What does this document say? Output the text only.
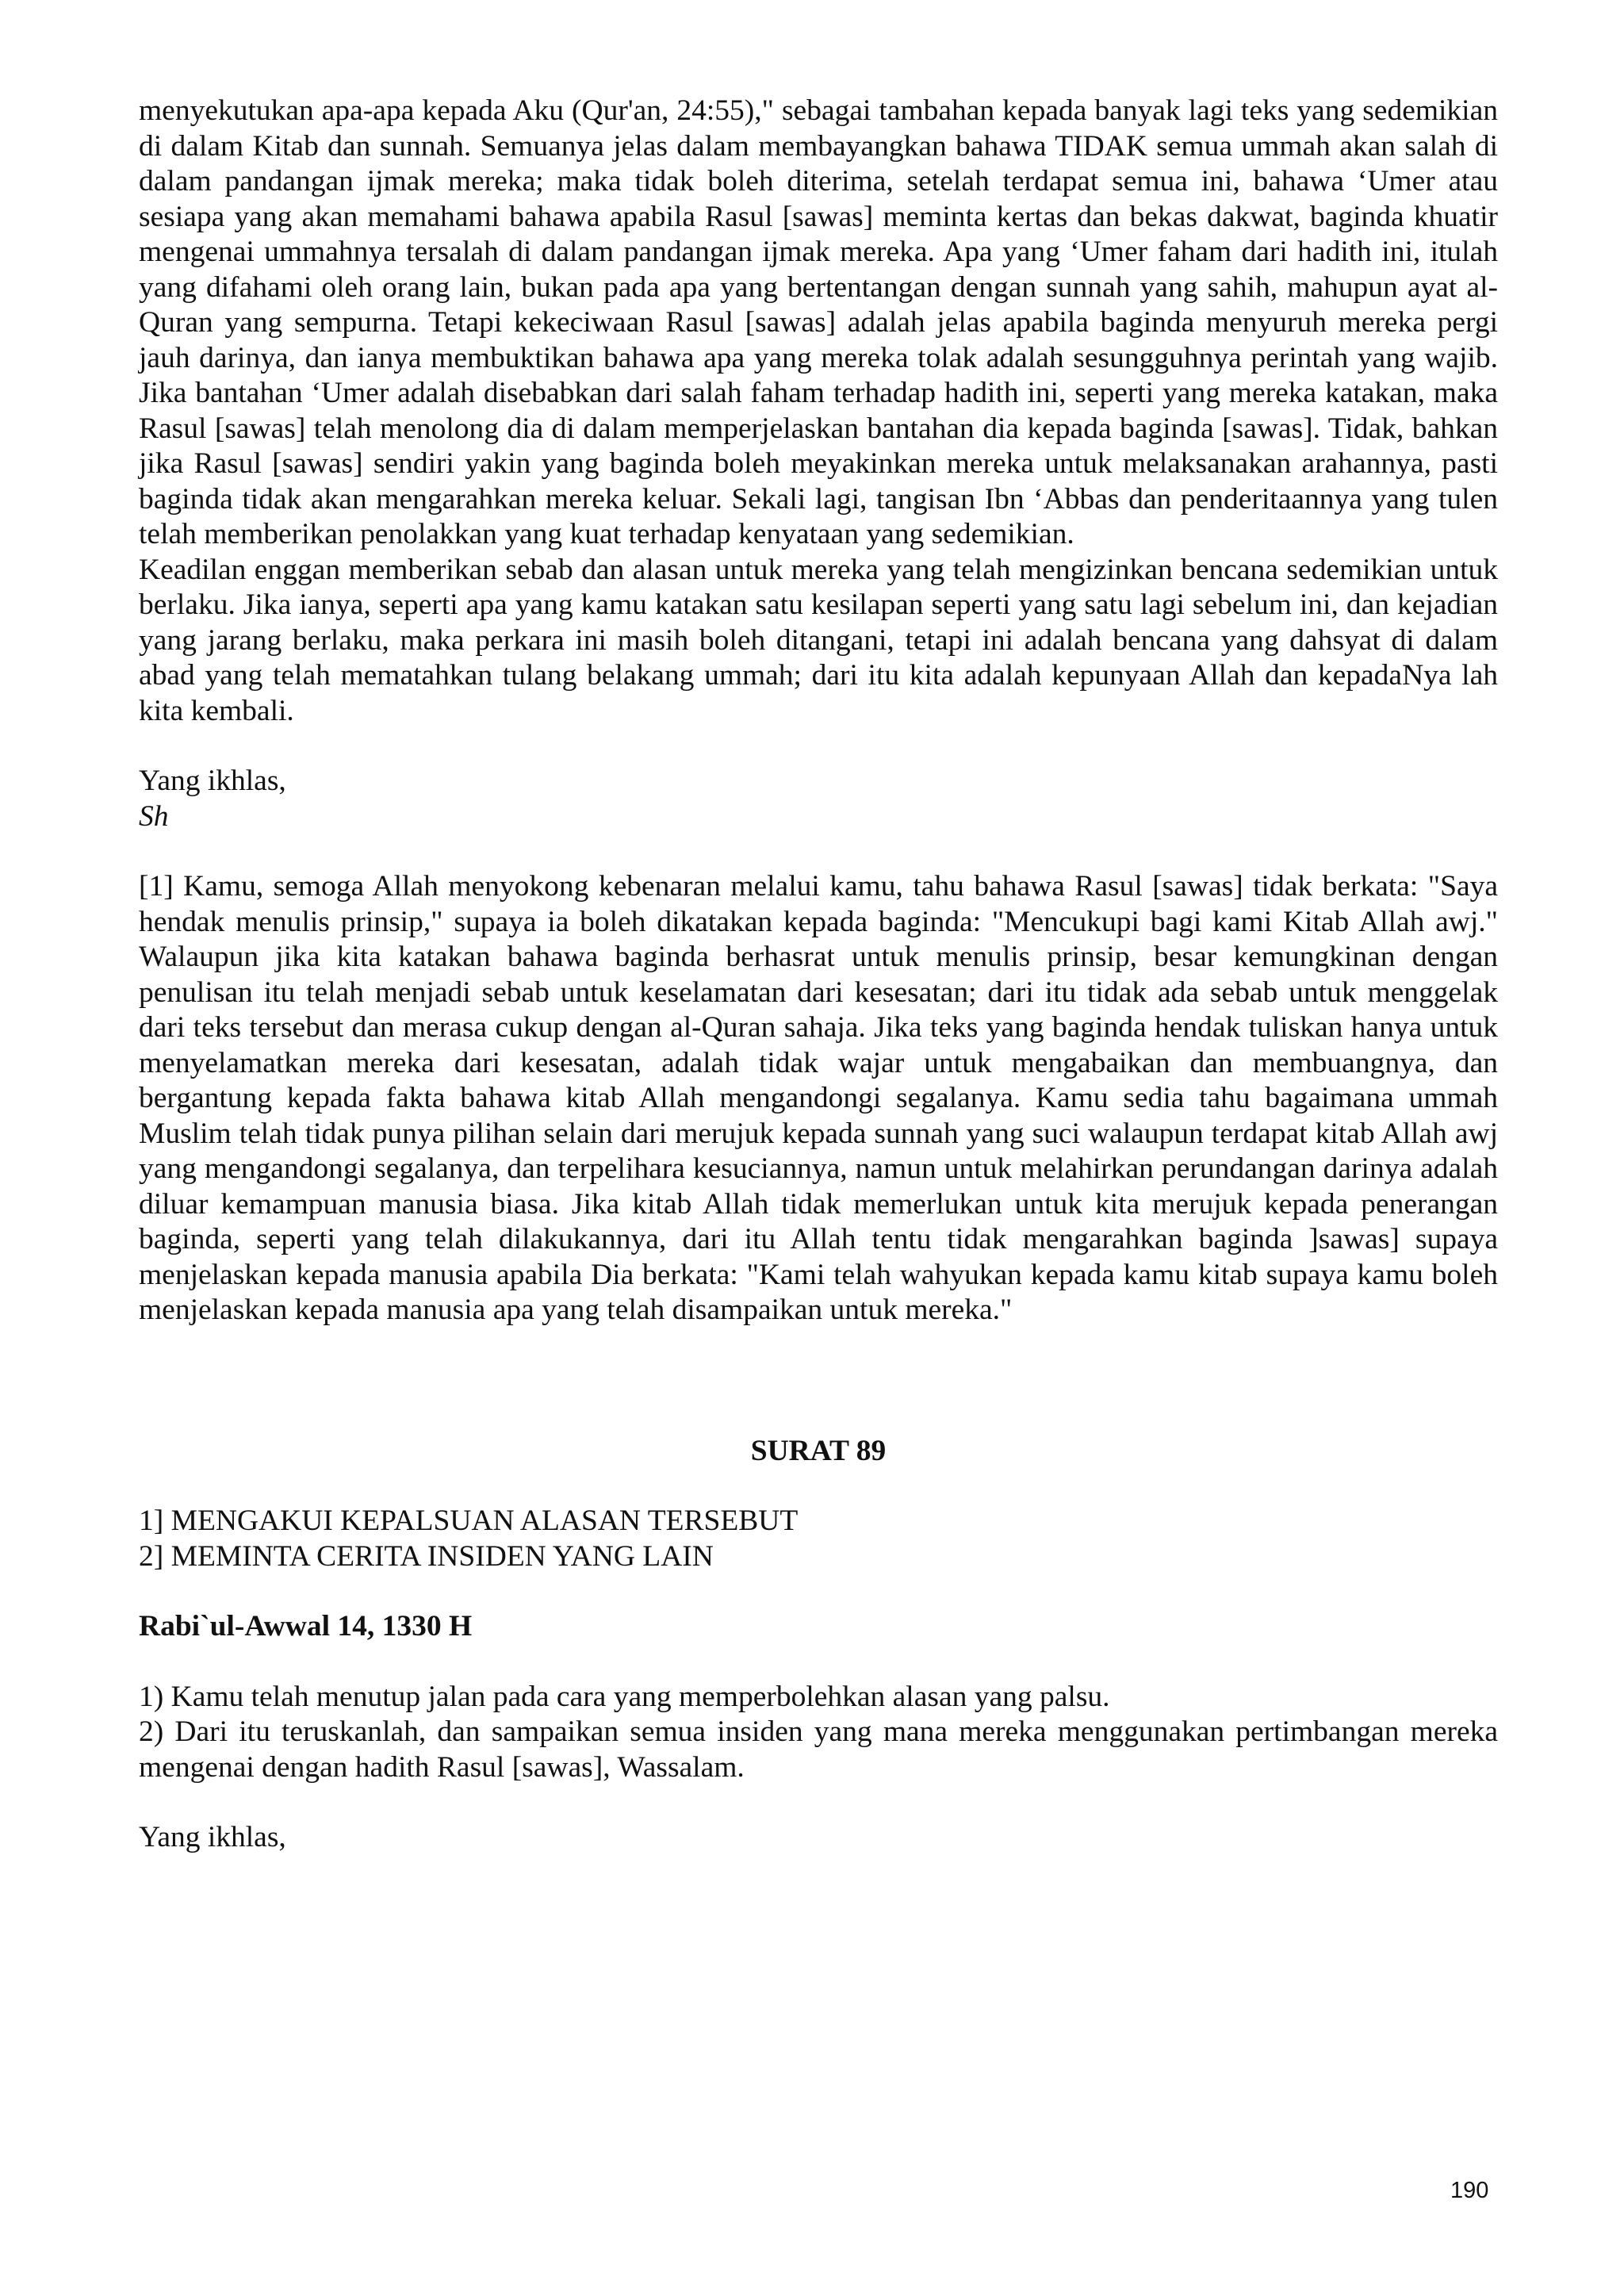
menyekutukan apa-apa kepada Aku (Qur'an, 24:55)," sebagai tambahan kepada banyak lagi teks yang sedemikian di dalam Kitab dan sunnah. Semuanya jelas dalam membayangkan bahawa TIDAK semua ummah akan salah di dalam pandangan ijmak mereka; maka tidak boleh diterima, setelah terdapat semua ini, bahawa ‘Umer atau sesiapa yang akan memahami bahawa apabila Rasul [sawas] meminta kertas dan bekas dakwat, baginda khuatir mengenai ummahnya tersalah di dalam pandangan ijmak mereka. Apa yang ‘Umer faham dari hadith ini, itulah yang difahami oleh orang lain, bukan pada apa yang bertentangan dengan sunnah yang sahih, mahupun ayat al-Quran yang sempurna. Tetapi kekeciwaan Rasul [sawas] adalah jelas apabila baginda menyuruh mereka pergi jauh darinya, dan ianya membuktikan bahawa apa yang mereka tolak adalah sesungguhnya perintah yang wajib. Jika bantahan ‘Umer adalah disebabkan dari salah faham terhadap hadith ini, seperti yang mereka katakan, maka Rasul [sawas] telah menolong dia di dalam memperjelaskan bantahan dia kepada baginda [sawas]. Tidak, bahkan jika Rasul [sawas] sendiri yakin yang baginda boleh meyakinkan mereka untuk melaksanakan arahannya, pasti baginda tidak akan mengarahkan mereka keluar. Sekali lagi, tangisan Ibn ‘Abbas dan penderitaannya yang tulen telah memberikan penolakkan yang kuat terhadap kenyataan yang sedemikian.

Keadilan enggan memberikan sebab dan alasan untuk mereka yang telah mengizinkan bencana sedemikian untuk berlaku. Jika ianya, seperti apa yang kamu katakan satu kesilapan seperti yang satu lagi sebelum ini, dan kejadian yang jarang berlaku, maka perkara ini masih boleh ditangani, tetapi ini adalah bencana yang dahsyat di dalam abad yang telah mematahkan tulang belakang ummah; dari itu kita adalah kepunyaan Allah dan kepadaNya lah kita kembali.

Yang ikhlas,

Sh

[1] Kamu, semoga Allah menyokong kebenaran melalui kamu, tahu bahawa Rasul [sawas] tidak berkata: "Saya hendak menulis prinsip," supaya ia boleh dikatakan kepada baginda: "Mencukupi bagi kami Kitab Allah awj." Walaupun jika kita katakan bahawa baginda berhasrat untuk menulis prinsip, besar kemungkinan dengan penulisan itu telah menjadi sebab untuk keselamatan dari kesesatan; dari itu tidak ada sebab untuk menggelak dari teks tersebut dan merasa cukup dengan al-Quran sahaja. Jika teks yang baginda hendak tuliskan hanya untuk menyelamatkan mereka dari kesesatan, adalah tidak wajar untuk mengabaikan dan membuangnya, dan bergantung kepada fakta bahawa kitab Allah mengandongi segalanya. Kamu sedia tahu bagaimana ummah Muslim telah tidak punya pilihan selain dari merujuk kepada sunnah yang suci walaupun terdapat kitab Allah awj yang mengandongi segalanya, dan terpelihara kesuciannya, namun untuk melahirkan perundangan darinya adalah diluar kemampuan manusia biasa. Jika kitab Allah tidak memerlukan untuk kita merujuk kepada penerangan baginda, seperti yang telah dilakukannya, dari itu Allah tentu tidak mengarahkan baginda ]sawas] supaya menjelaskan kepada manusia apabila Dia berkata: "Kami telah wahyukan kepada kamu kitab supaya kamu boleh menjelaskan kepada manusia apa yang telah disampaikan untuk mereka."

SURAT 89

1] MENGAKUI KEPALSUAN ALASAN TERSEBUT

2] MEMINTA CERITA INSIDEN YANG LAIN

Rabi`ul-Awwal 14, 1330 H

1) Kamu telah menutup jalan pada cara yang memperbolehkan alasan yang palsu.

2) Dari itu teruskanlah, dan sampaikan semua insiden yang mana mereka menggunakan pertimbangan mereka mengenai dengan hadith Rasul [sawas], Wassalam.

Yang ikhlas,

190
